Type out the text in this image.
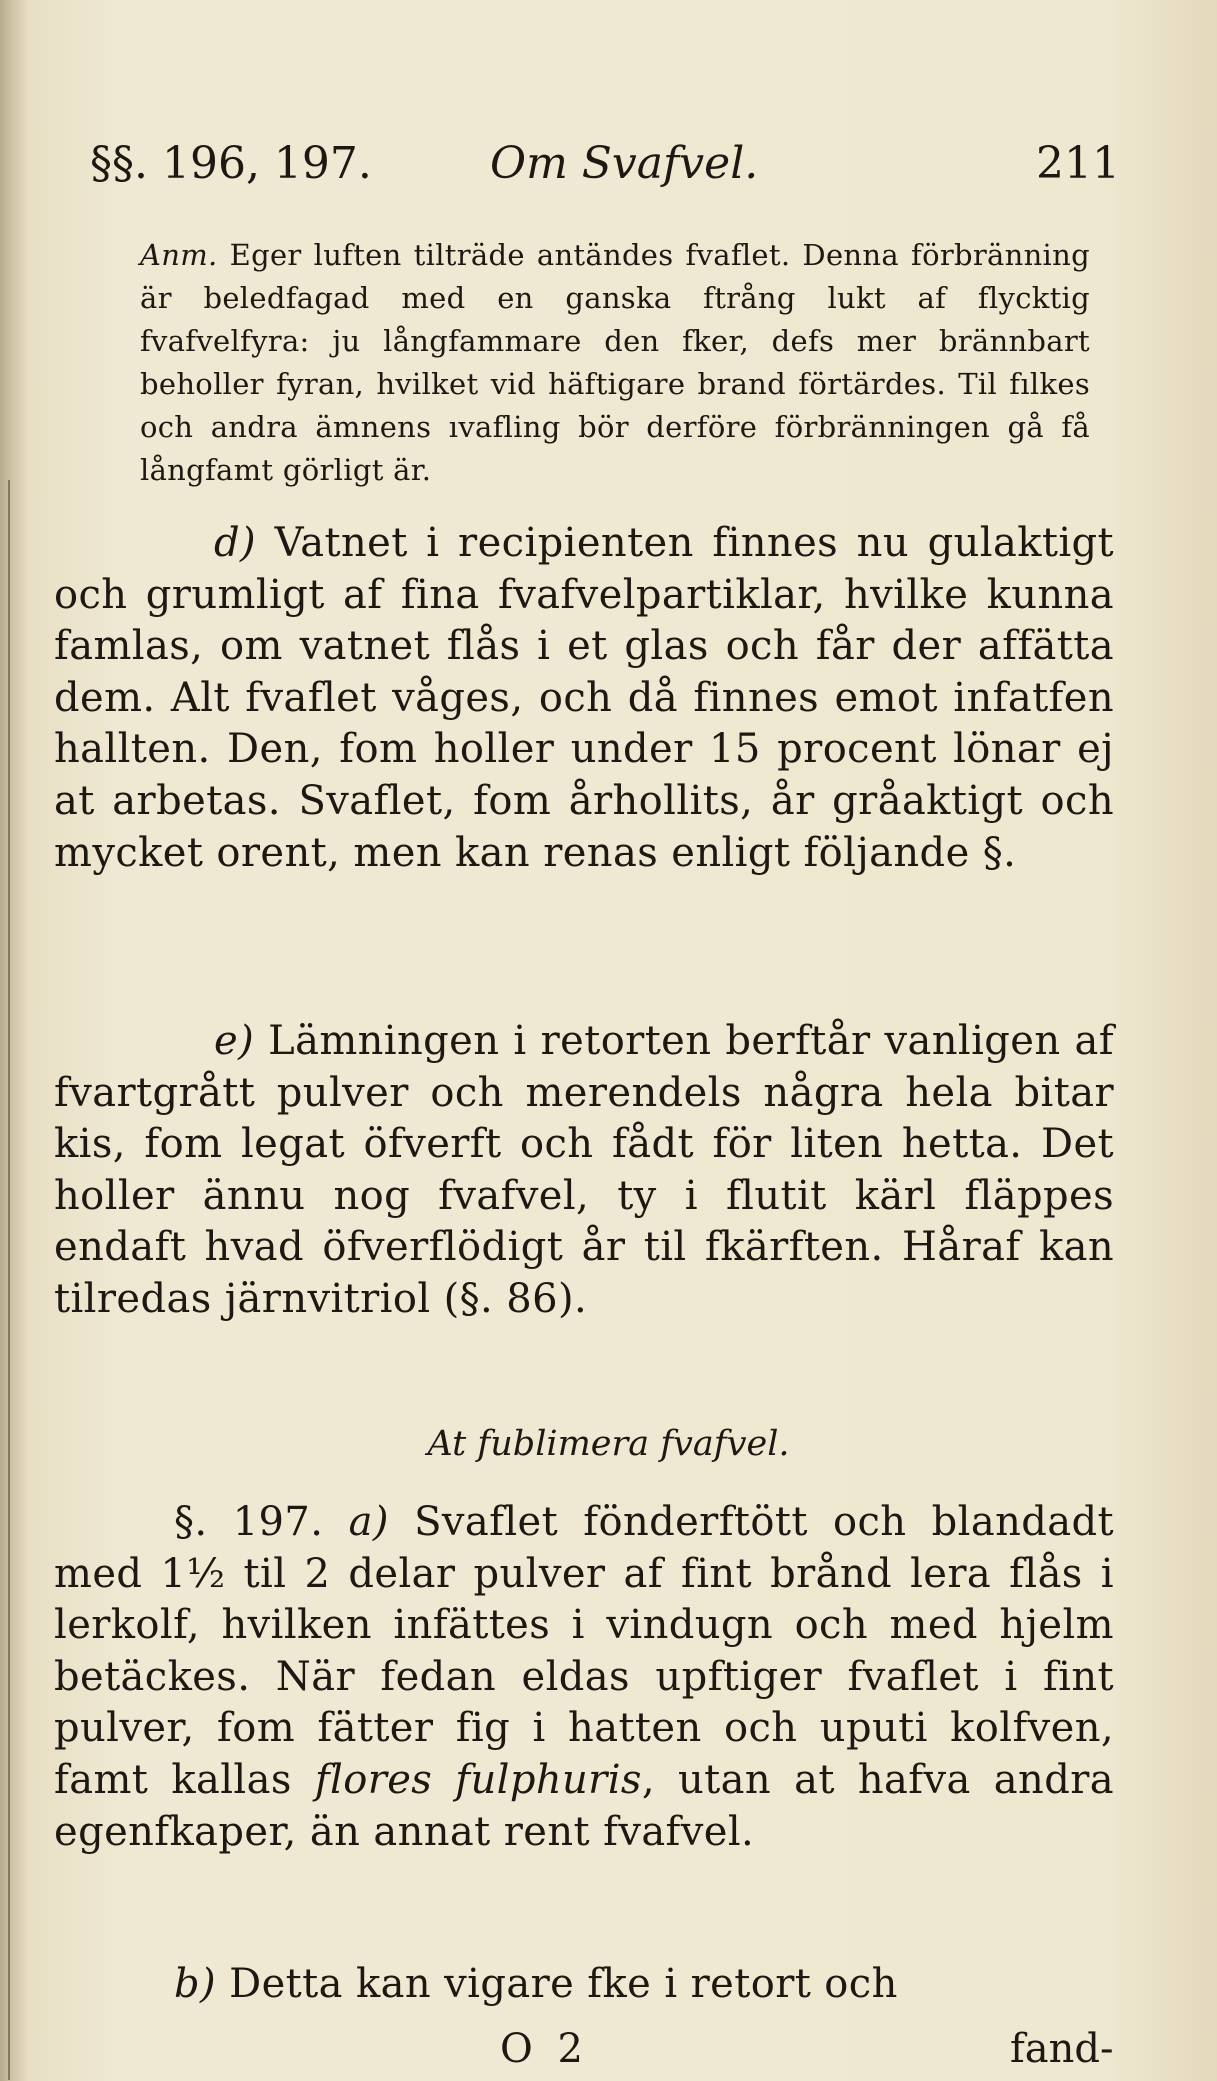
§§. 196, 197.	Om Svafvel.	211
Anm. Eger luften tilträde antändes fvaflet. Denna förbränning är beledfagad med en ganska ftrång lukt af flycktig fvafvelfyra: ju långfammare den fker, defs mer brännbart beholler fyran, hvilket vid häftigare brand förtärdes. Til fılkes och andra ämnens ıvafling bör derföre förbränningen gå få långfamt görligt är.
d) Vatnet i recipienten finnes nu gulaktigt och grumligt af fina fvafvelpartiklar, hvilke kunna famlas, om vatnet flås i et glas och får der affätta dem. Alt fvaflet våges, och då finnes emot infatfen hallten. Den, fom holler under 15 procent lönar ej at arbetas. Svaflet, fom århollits, år gråaktigt och mycket orent, men kan renas enligt följande §.
e) Lämningen i retorten berftår vanligen af fvartgrått pulver och merendels några hela bitar kis, fom legat öfverft och fådt för liten hetta. Det holler ännu nog fvafvel, ty i flutit kärl fläppes endaft hvad öfverflödigt år til fkärften. Håraf kan tilredas järnvitriol (§. 86).
At fublimera fvafvel.
§. 197. a) Svaflet fönderftött och blandadt med 1½ til 2 delar pulver af fint brånd lera flås i lerkolf, hvilken infättes i vindugn och med hjelm betäckes. När fedan eldas upftiger fvaflet i fint pulver, fom fätter fig i hatten och uputi kolfven, famt kallas flores fulphuris, utan at hafva andra egenfkaper, än annat rent fvafvel.
b) Detta kan vigare fke i retort och
O 2	fand-
